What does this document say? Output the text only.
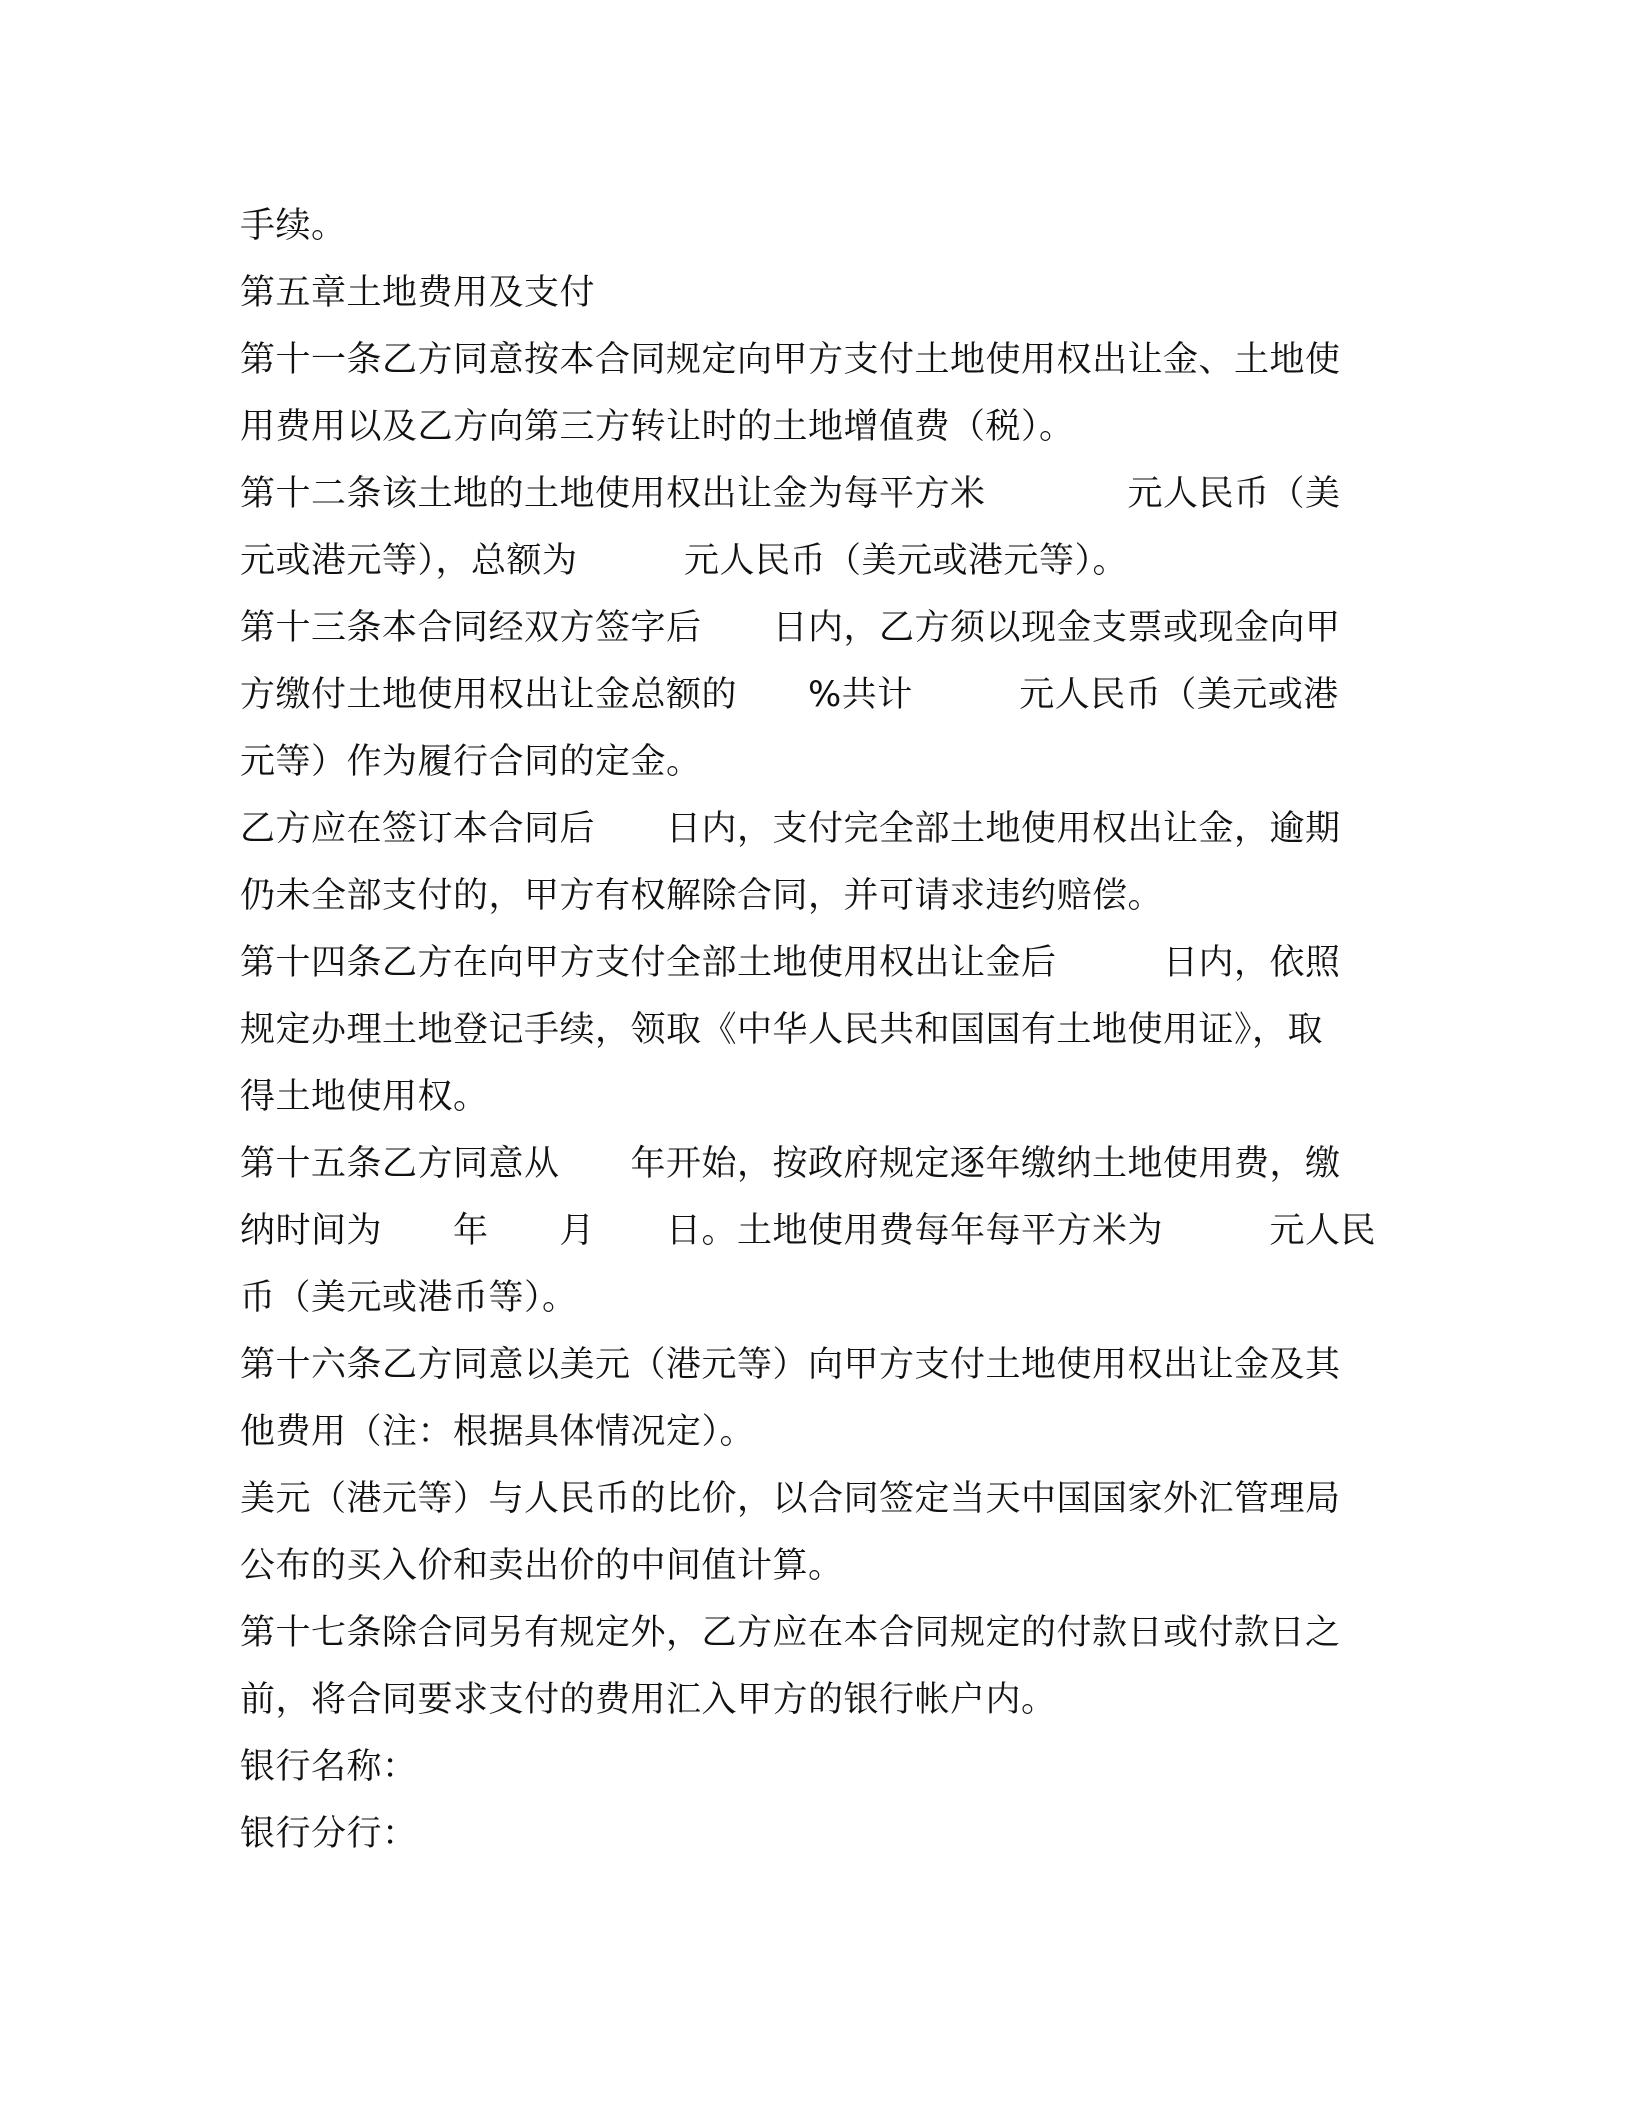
手续。
第五章土地费用及支付
第十一条乙方同意按本合同规定向甲方支付土地使用权出让金、土地使
用费用以及乙方向第三方转让时的土地增值费（税）。
第十二条该土地的土地使用权出让金为每平方米　　　　元人民币（美
元或港元等），总额为　　　元人民币（美元或港元等）。
第十三条本合同经双方签字后　　日内，乙方须以现金支票或现金向甲
方缴付土地使用权出让金总额的　　%共计　　　元人民币（美元或港
元等）作为履行合同的定金。
乙方应在签订本合同后　　日内，支付完全部土地使用权出让金，逾期
仍未全部支付的，甲方有权解除合同，并可请求违约赔偿。
第十四条乙方在向甲方支付全部土地使用权出让金后　　　日内，依照
规定办理土地登记手续，领取《中华人民共和国国有土地使用证》，取
得土地使用权。
第十五条乙方同意从　　年开始，按政府规定逐年缴纳土地使用费，缴
纳时间为　　年　　月　　日。土地使用费每年每平方米为　　　元人民
币（美元或港币等）。
第十六条乙方同意以美元（港元等）向甲方支付土地使用权出让金及其
他费用（注：根据具体情况定）。
美元（港元等）与人民币的比价，以合同签定当天中国国家外汇管理局
公布的买入价和卖出价的中间值计算。
第十七条除合同另有规定外，乙方应在本合同规定的付款日或付款日之
前，将合同要求支付的费用汇入甲方的银行帐户内。
银行名称：
银行分行：
